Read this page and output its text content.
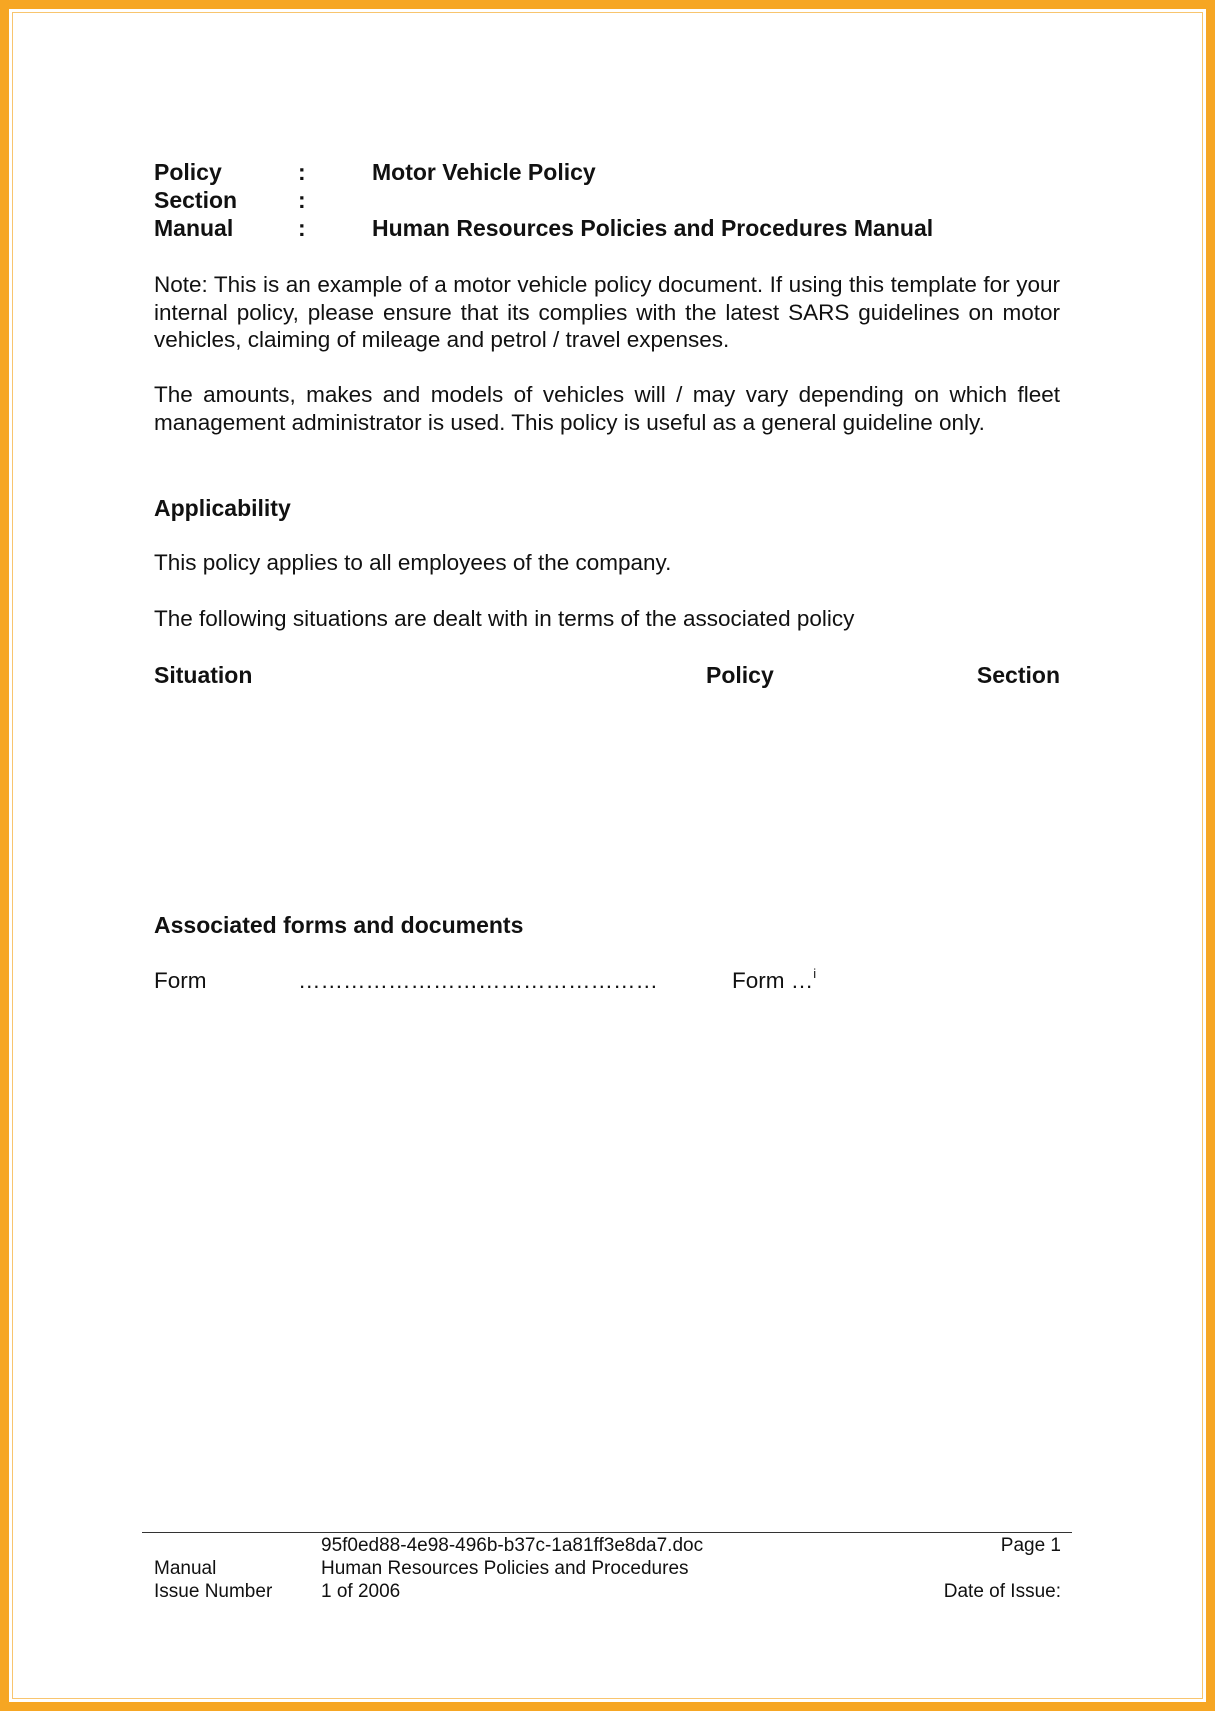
Policy	:	Motor Vehicle Policy
Section	:
Manual	:	Human Resources Policies and Procedures Manual
Note: This is an example of a motor vehicle policy document. If using this template for your internal policy, please ensure that its complies with the latest SARS guidelines on motor vehicles, claiming of mileage and petrol / travel expenses.
The amounts, makes and models of vehicles will / may vary depending on which fleet management administrator is used. This policy is useful as a general guideline only.
Applicability
This policy applies to all employees of the company.
The following situations are dealt with in terms of the associated policy
Situation	Policy	Section
Associated forms and documents
Form	…………………………………………	Form …$^i$
95f0ed88-4e98-496b-b37c-1a81ff3e8da7.doc	Page 1
Manual	Human Resources Policies and Procedures
Issue Number	1 of 2006	Date of Issue:
